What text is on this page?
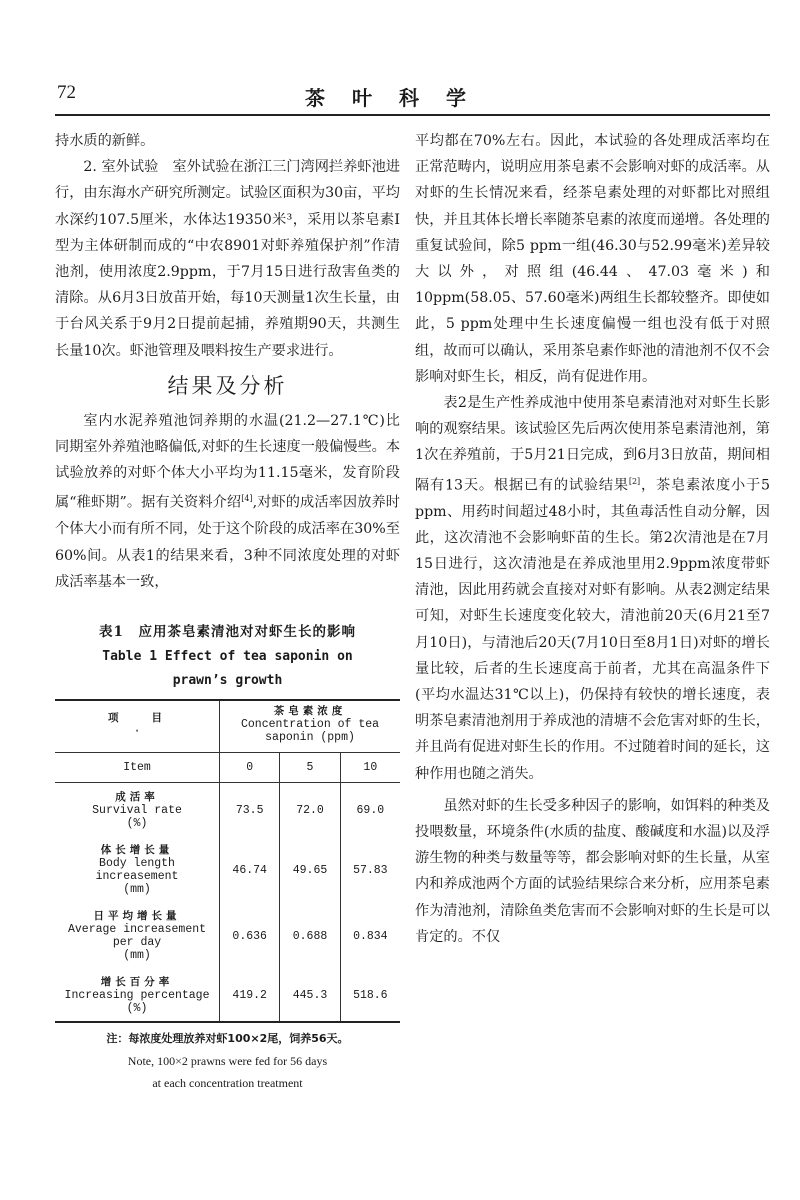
72	茶叶科学

持水质的新鲜。

2. 室外试验　室外试验在浙江三门湾网拦养虾池进行，由东海水产研究所测定。试验区面积为30亩，平均水深约107.5厘米，水体达19350米³，采用以茶皂素Ⅰ型为主体研制而成的“中农8901对虾养殖保护剂”作清池剂，使用浓度2.9ppm，于7月15日进行敌害鱼类的清除。从6月3日放苗开始，每10天测量1次生长量，由于台风关系于9月2日提前起捕，养殖期90天，共测生长量10次。虾池管理及喂料按生产要求进行。

结果及分析

室内水泥养殖池饲养期的水温(21.2—27.1℃)比同期室外养殖池略偏低,对虾的生长速度一般偏慢些。本试验放养的对虾个体大小平均为11.15毫米，发育阶段属“稚虾期”。据有关资料介绍[4],对虾的成活率因放养时个体大小而有所不同，处于这个阶段的成活率在30%至60%间。从表1的结果来看，3种不同浓度处理的对虾成活率基本一致，

表1　应用茶皂素清池对对虾生长的影响
Table 1 Effect of tea saponin on
prawn’s growth
项　　目
·	茶皂素浓度
Concentration of tea saponin (ppm)		
Item	0	5	10
成活率
Survival rate
(%)	73.5	72.0	69.0
体长增长量
Body length increasement
(mm)	46.74	49.65	57.83
日平均增长量
Average increasement per day
(mm)	0.636	0.688	0.834
增长百分率
Increasing percentage
(%)	419.2	445.3	518.6
注：每浓度处理放养对虾100×2尾，饲养56天。
Note, 100×2 prawns were fed for 56 days
at each concentration treatment

平均都在70%左右。因此，本试验的各处理成活率均在正常范畴内，说明应用茶皂素不会影响对虾的成活率。从对虾的生长情况来看，经茶皂素处理的对虾都比对照组快，并且其体长增长率随茶皂素的浓度而递增。各处理的重复试验间，除5 ppm一组(46.30与52.99毫米)差异较大以外，对照组(46.44、47.03毫米)和10ppm(58.05、57.60毫米)两组生长都较整齐。即使如此，5 ppm处理中生长速度偏慢一组也没有低于对照组，故而可以确认，采用茶皂素作虾池的清池剂不仅不会影响对虾生长，相反，尚有促进作用。

表2是生产性养成池中使用茶皂素清池对对虾生长影响的观察结果。该试验区先后两次使用茶皂素清池剂，第1次在养殖前，于5月21日完成，到6月3日放苗，期间相隔有13天。根据已有的试验结果[2]，茶皂素浓度小于5 ppm、用药时间超过48小时，其鱼毒活性自动分解，因此，这次清池不会影响虾苗的生长。第2次清池是在7月15日进行，这次清池是在养成池里用2.9ppm浓度带虾清池，因此用药就会直接对对虾有影响。从表2测定结果可知，对虾生长速度变化较大，清池前20天(6月21至7月10日)，与清池后20天(7月10日至8月1日)对虾的增长量比较，后者的生长速度高于前者，尤其在高温条件下(平均水温达31℃以上)，仍保持有较快的增长速度，表明茶皂素清池剂用于养成池的清塘不会危害对虾的生长，并且尚有促进对虾生长的作用。不过随着时间的延长，这种作用也随之消失。

虽然对虾的生长受多种因子的影响，如饵料的种类及投喂数量，环境条件(水质的盐度、酸碱度和水温)以及浮游生物的种类与数量等等，都会影响对虾的生长量，从室内和养成池两个方面的试验结果综合来分析，应用茶皂素作为清池剂，清除鱼类危害而不会影响对虾的生长是可以肯定的。不仅
